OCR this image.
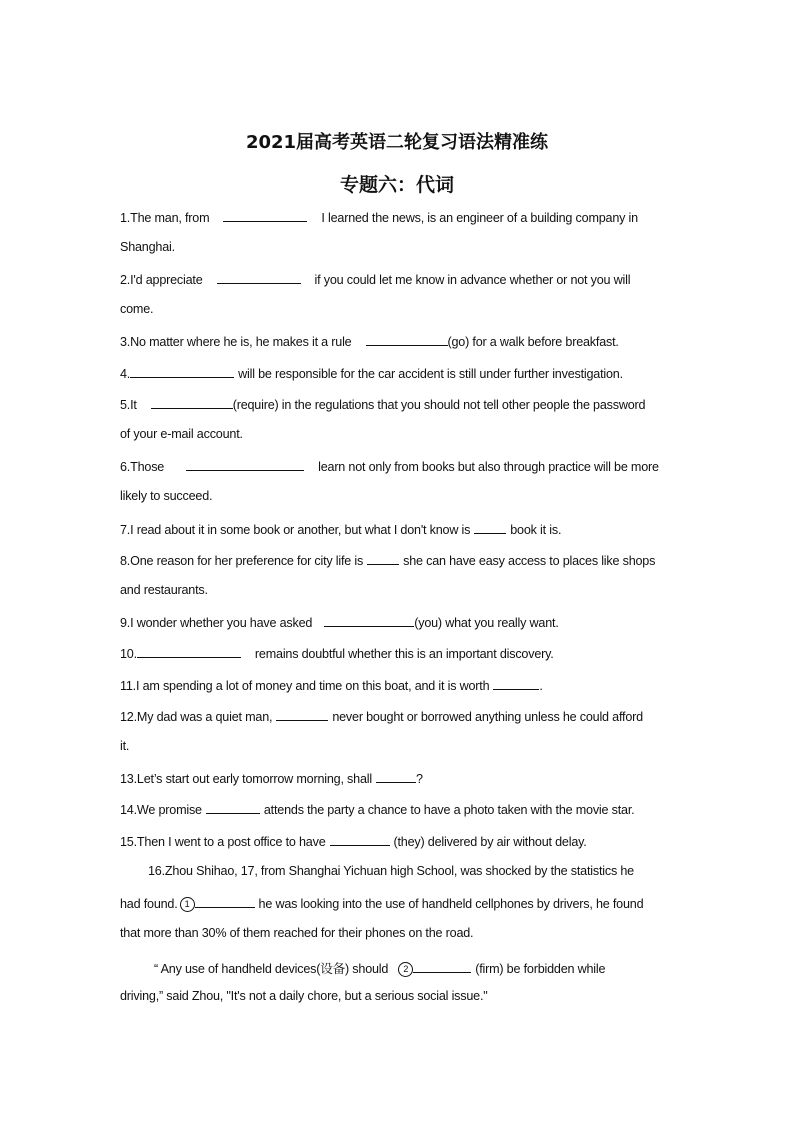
2021届高考英语二轮复习语法精准练
专题六：代词
1.The man, from	I learned the news, is an engineer of a building company in
Shanghai.
2.I'd appreciate	if you could let me know in advance whether or not you will
come.
3.No matter where he is, he makes it a rule	(go) for a walk before breakfast.
4.	will be responsible for the car accident is still under further investigation.
5.It	(require) in the regulations that you should not tell other people the password
of your e-mail account.
6.Those	learn not only from books but also through practice will be more
likely to succeed.
7.I read about it in some book or another, but what I don't know is	book it is.
8.One reason for her preference for city life is	she can have easy access to places like shops
and restaurants.
9.I wonder whether you have asked	(you) what you really want.
10.	remains doubtful whether this is an important discovery.
11.I am spending a lot of money and time on this boat, and it is worth	.
12.My dad was a quiet man,	never bought or borrowed anything unless he could afford
it.
13.Let’s start out early tomorrow morning, shall	?
14.We promise	attends the party a chance to have a photo taken with the movie star.
15.Then I went to a post office to have	(they) delivered by air without delay.
16.Zhou Shihao, 17, from Shanghai Yichuan high School, was shocked by the statistics he
had found. 1	he was looking into the use of handheld cellphones by drivers, he found
that more than 30% of them reached for their phones on the road.
“ Any use of handheld devices(设备) should 2	(firm) be forbidden while
driving,” said Zhou, "It's not a daily chore, but a serious social issue."
